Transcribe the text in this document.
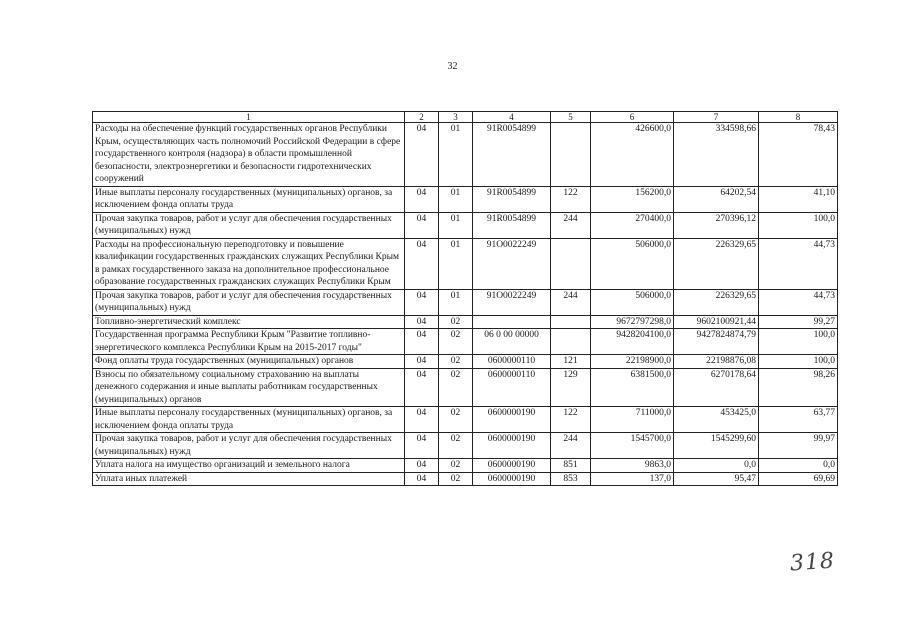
32
1	2	3	4	5	6	7	8
Расходы на обеспечение функций государственных органов Республики Крым, осуществляющих часть полномочий Российской Федерации в сфере государственного контроля (надзора) в области промышленной безопасности, электроэнергетики и безопасности гидротехнических сооружений	04	01	91R0054899		426600,0	334598,66	78,43
Иные выплаты персоналу государственных (муниципальных) органов, за исключением фонда оплаты труда	04	01	91R0054899	122	156200,0	64202,54	41,10
Прочая закупка товаров, работ и услуг для обеспечения государственных (муниципальных) нужд	04	01	91R0054899	244	270400,0	270396,12	100,0
Расходы на профессиональную переподготовку и повышение квалификации государственных гражданских служащих Республики Крым в рамках государственного заказа на дополнительное профессиональное образование государственных гражданских служащих Республики Крым	04	01	91О0022249		506000,0	226329,65	44,73
Прочая закупка товаров, работ и услуг для обеспечения государственных (муниципальных) нужд	04	01	91О0022249	244	506000,0	226329,65	44,73
Топливно-энергетический комплекс	04	02			9672797298,0	9602100921,44	99,27
Государственная программа Республики Крым "Развитие топливно-энергетического комплекса Республики Крым на 2015-2017 годы"	04	02	06 0 00 00000		9428204100,0	9427824874,79	100,0
Фонд оплаты труда государственных (муниципальных) органов	04	02	0600000110	121	22198900,0	22198876,08	100,0
Взносы по обязательному социальному страхованию на выплаты денежного содержания и иные выплаты работникам государственных (муниципальных) органов	04	02	0600000110	129	6381500,0	6270178,64	98,26
Иные выплаты персоналу государственных (муниципальных) органов, за исключением фонда оплаты труда	04	02	0600000190	122	711000,0	453425,0	63,77
Прочая закупка товаров, работ и услуг для обеспечения государственных (муниципальных) нужд	04	02	0600000190	244	1545700,0	1545299,60	99,97
Уплата налога на имущество организаций и земельного налога	04	02	0600000190	851	9863,0	0,0	0,0
Уплата иных платежей	04	02	0600000190	853	137,0	95,47	69,69
318
